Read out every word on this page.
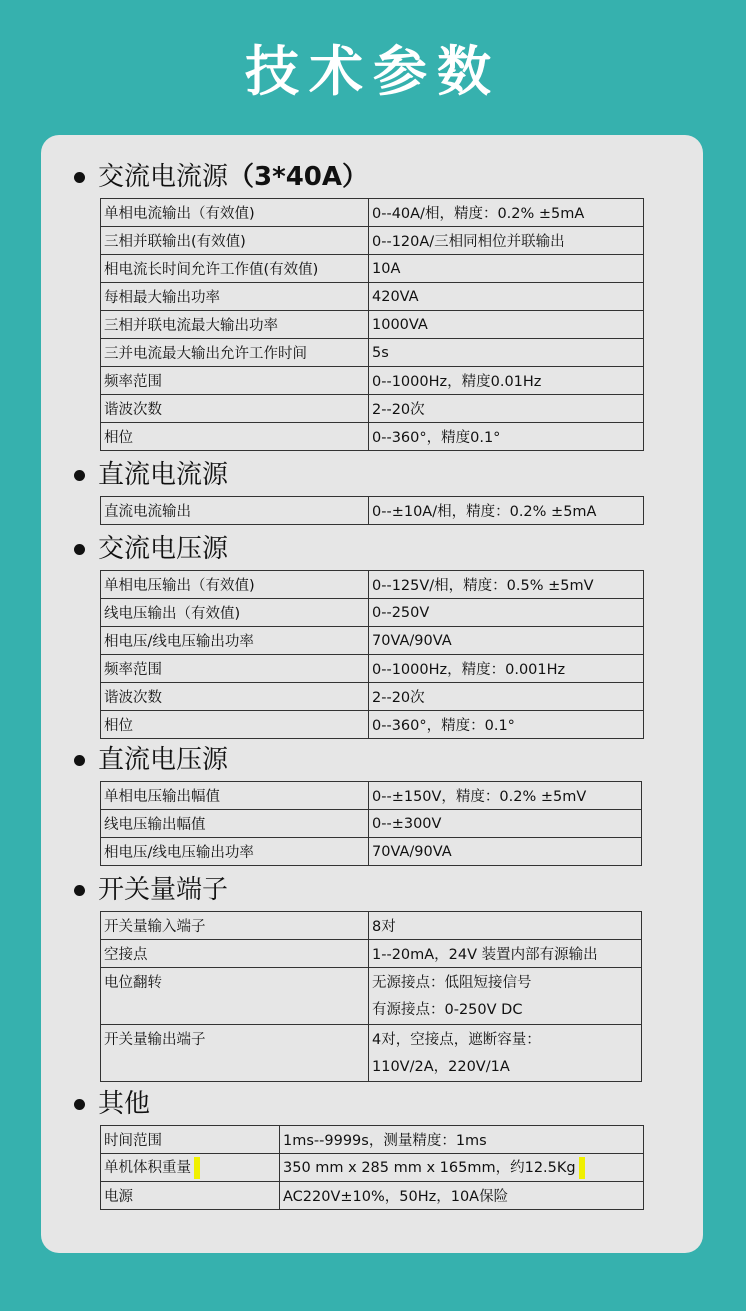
技术参数
交流电流源 （3*40A）
单相电流输出（有效值)	0--40A/相，精度：0.2% ±5mA
三相并联输出(有效值)	0--120A/三相同相位并联输出
相电流长时间允许工作值(有效值)	10A
每相最大输出功率	420VA
三相并联电流最大输出功率	1000VA
三并电流最大输出允许工作时间	5s
频率范围	0--1000Hz，精度0.01Hz
谐波次数	2--20次
相位	0--360°，精度0.1°
直流电流源
直流电流输出	0--±10A/相，精度：0.2% ±5mA
交流电压源
单相电压输出（有效值)	0--125V/相，精度：0.5% ±5mV
线电压输出（有效值)	0--250V
相电压/线电压输出功率	70VA/90VA
频率范围	0--1000Hz，精度：0.001Hz
谐波次数	2--20次
相位	0--360°，精度：0.1°
直流电压源
单相电压输出幅值	0--±150V，精度：0.2% ±5mV
线电压输出幅值	0--±300V
相电压/线电压输出功率	70VA/90VA
开关量端子
开关量输入端子	8对
空接点	1--20mA，24V 装置内部有源输出
电位翻转	无源接点：低阻短接信号
有源接点：0-250V DC

开关量输出端子	4对，空接点，遮断容量：
110V/2A，220V/1A
其他
时间范围	1ms--9999s，测量精度：1ms
单机体积重量	350 mm x 285 mm x 165mm，约12.5Kg
电源	AC220V±10%，50Hz，10A保险
